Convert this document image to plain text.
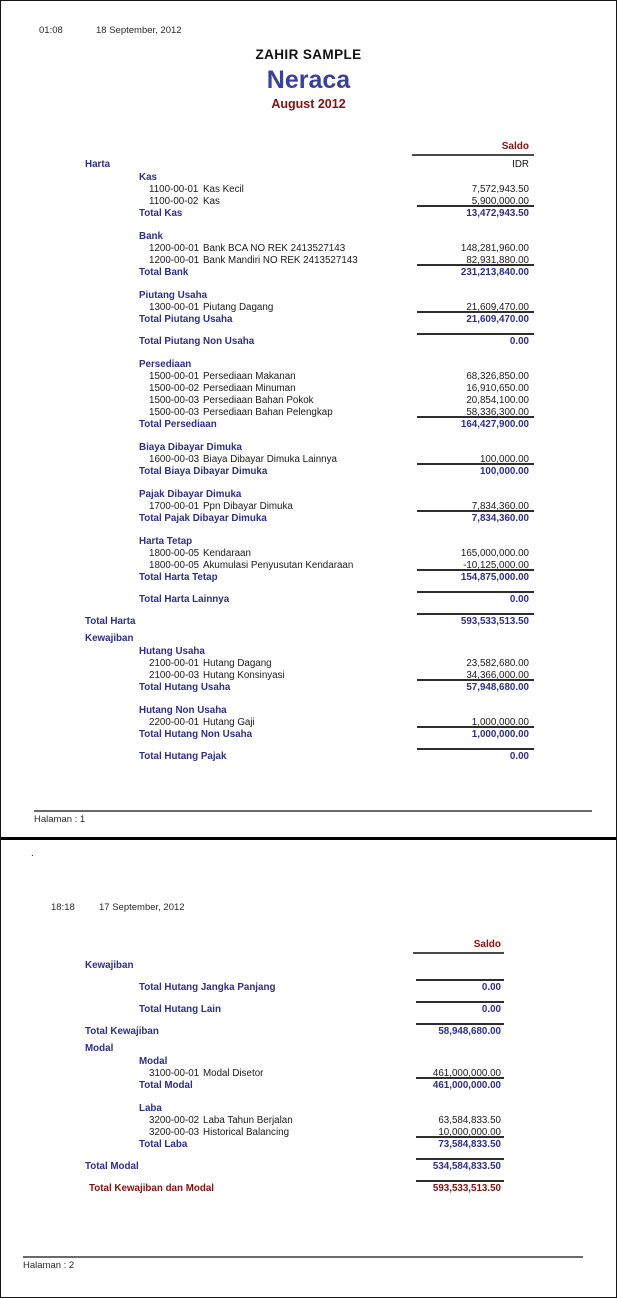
01:08	18 September, 2012
ZAHIR SAMPLE
Neraca
August 2012
Saldo
Harta	IDR
Kas
1100-00-01 Kas Kecil	7,572,943.50
1100-00-02 Kas	5,900,000.00
Total Kas	13,472,943.50
Bank
1200-00-01 Bank BCA NO REK 2413527143	148,281,960.00
1200-00-01 Bank Mandiri NO REK 2413527143	82,931,880.00
Total Bank	231,213,840.00
Piutang Usaha
1300-00-01 Piutang Dagang	21,609,470.00
Total Piutang Usaha	21,609,470.00
Total Piutang Non Usaha	0.00
Persediaan
1500-00-01 Persediaan Makanan	68,326,850.00
1500-00-02 Persediaan Minuman	16,910,650.00
1500-00-03 Persediaan Bahan Pokok	20,854,100.00
1500-00-03 Persediaan Bahan Pelengkap	58,336,300.00
Total Persediaan	164,427,900.00
Biaya Dibayar Dimuka
1600-00-03 Biaya Dibayar Dimuka Lainnya	100,000.00
Total Biaya Dibayar Dimuka	100,000.00
Pajak Dibayar Dimuka
1700-00-01 Ppn Dibayar Dimuka	7,834,360.00
Total Pajak Dibayar Dimuka	7,834,360.00
Harta Tetap
1800-00-05 Kendaraan	165,000,000.00
1800-00-05 Akumulasi Penyusutan Kendaraan	-10,125,000.00
Total Harta Tetap	154,875,000.00
Total Harta Lainnya	0.00
Total Harta	593,533,513.50
Kewajiban
Hutang Usaha
2100-00-01 Hutang Dagang	23,582,680.00
2100-00-03 Hutang Konsinyasi	34,366,000.00
Total Hutang Usaha	57,948,680.00
Hutang Non Usaha
2200-00-01 Hutang Gaji	1,000,000.00
Total Hutang Non Usaha	1,000,000.00
Total Hutang Pajak	0.00
Halaman : 1
.
18:18	17 September, 2012
Saldo
Kewajiban
Total Hutang Jangka Panjang	0.00
Total Hutang Lain	0.00
Total Kewajiban	58,948,680.00
Modal
Modal
3100-00-01 Modal Disetor	461,000,000.00
Total Modal	461,000,000.00
Laba
3200-00-02 Laba Tahun Berjalan	63,584,833.50
3200-00-03 Historical Balancing	10,000,000.00
Total Laba	73,584,833.50
Total Modal	534,584,833.50
Total Kewajiban dan Modal	593,533,513.50
Halaman : 2
